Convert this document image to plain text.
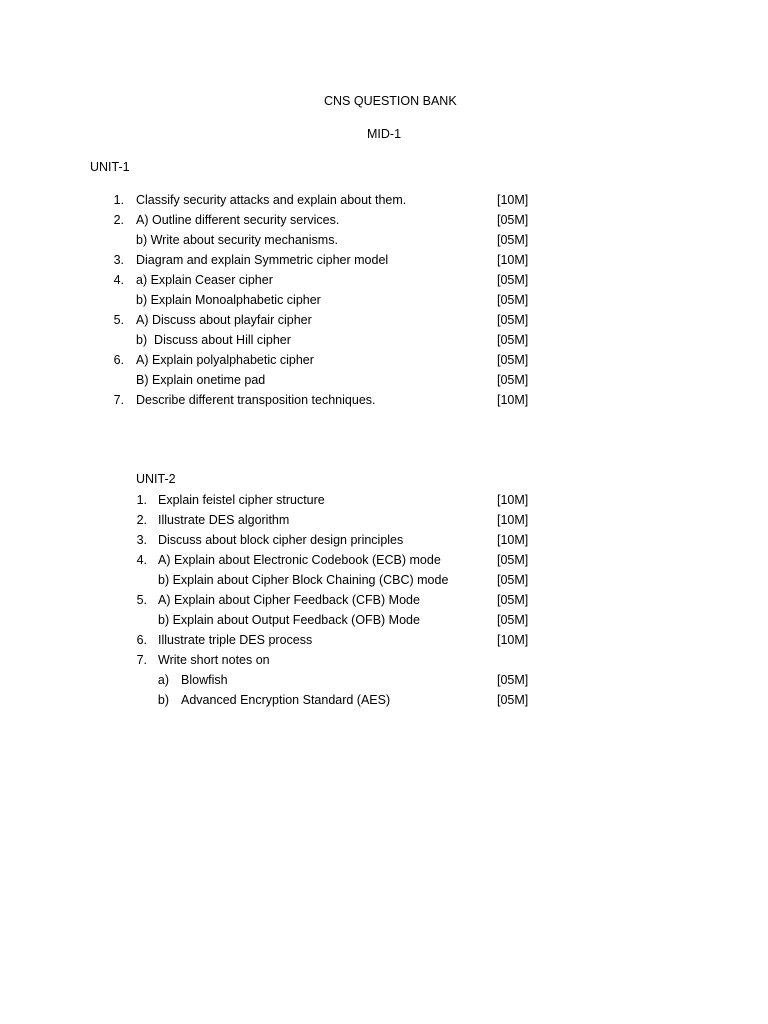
CNS QUESTION BANK
MID-1
UNIT-1
1. Classify security attacks and explain about them.	[10M]
2. A) Outline different security services.	[05M]
b) Write about security mechanisms.	[05M]
3. Diagram and explain Symmetric cipher model	[10M]
4. a) Explain Ceaser cipher	[05M]
b) Explain Monoalphabetic cipher	[05M]
5. A) Discuss about playfair cipher	[05M]
b)  Discuss about Hill cipher	[05M]
6. A) Explain polyalphabetic cipher	[05M]
B) Explain onetime pad	[05M]
7. Describe different transposition techniques.	[10M]
UNIT-2
1. Explain feistel cipher structure	[10M]
2. Illustrate DES algorithm	[10M]
3. Discuss about block cipher design principles	[10M]
4. A) Explain about Electronic Codebook (ECB) mode	[05M]
b) Explain about Cipher Block Chaining (CBC) mode	[05M]
5. A) Explain about Cipher Feedback (CFB) Mode	[05M]
b) Explain about Output Feedback (OFB) Mode	[05M]
6. Illustrate triple DES process	[10M]
7. Write short notes on
a) Blowfish	[05M]
b) Advanced Encryption Standard (AES)	[05M]
